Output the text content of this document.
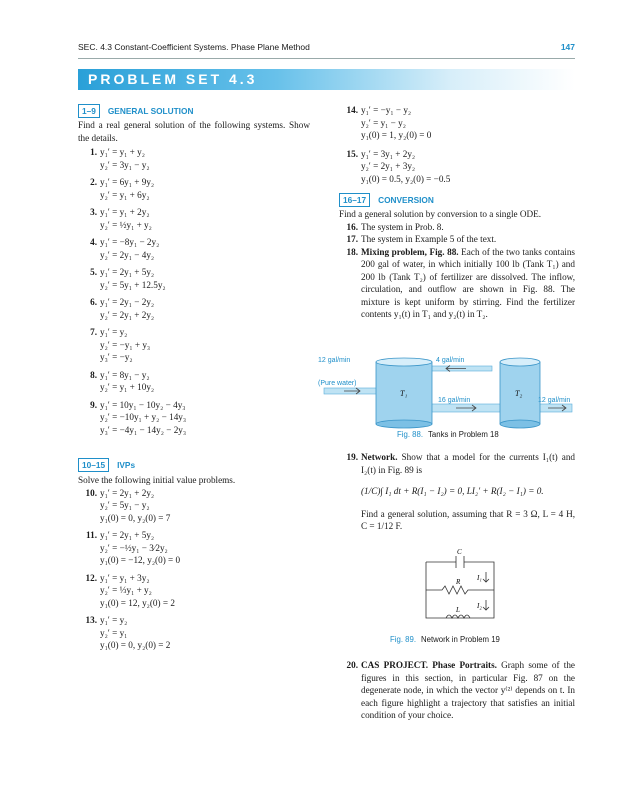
SEC. 4.3 Constant-Coefficient Systems. Phase Plane Method	147
PROBLEM SET 4.3
1–9 GENERAL SOLUTION
Find a real general solution of the following systems. Show the details.
1. y₁′ = y₁ + y₂
y₂′ = 3y₁ − y₂
2. y₁′ = 6y₁ + 9y₂
y₂′ = y₁ + 6y₂
3. y₁′ = y₁ + 2y₂
y₂′ = ½y₁ + y₂
4. y₁′ = −8y₁ − 2y₂
y₂′ = 2y₁ − 4y₂
5. y₁′ = 2y₁ + 5y₂
y₂′ = 5y₁ + 12.5y₂
6. y₁′ = 2y₁ − 2y₂
y₂′ = 2y₁ + 2y₂
7. y₁′ = y₂
y₂′ = −y₁ + y₃
y₃′ = −y₂
8. y₁′ = 8y₁ − y₂
y₂′ = y₁ + 10y₂
9. y₁′ = 10y₁ − 10y₂ − 4y₃
y₂′ = −10y₁ + y₂ − 14y₃
y₃′ = −4y₁ − 14y₂ − 2y₃
10–15 IVPs
Solve the following initial value problems.
10. y₁′ = 2y₁ + 2y₂
y₂′ = 5y₁ − y₂
y₁(0) = 0, y₂(0) = 7
11. y₁′ = 2y₁ + 5y₂
y₂′ = −½y₁ − 3⁄2y₂
y₁(0) = −12, y₂(0) = 0
12. y₁′ = y₁ + 3y₂
y₂′ = ⅓y₁ + y₂
y₁(0) = 12, y₂(0) = 2
13. y₁′ = y₂
y₂′ = y₁
y₁(0) = 0, y₂(0) = 2
14. y₁′ = −y₁ − y₂
y₂′ = y₁ − y₂
y₁(0) = 1, y₂(0) = 0
15. y₁′ = 3y₁ + 2y₂
y₂′ = 2y₁ + 3y₂
y₁(0) = 0.5, y₂(0) = −0.5
16–17 CONVERSION
Find a general solution by conversion to a single ODE.
16. The system in Prob. 8.
17. The system in Example 5 of the text.
18. Mixing problem, Fig. 88. Each of the two tanks contains 200 gal of water, in which initially 100 lb (Tank T₁) and 200 lb (Tank T₂) of fertilizer are dissolved. The inflow, circulation, and outflow are shown in Fig. 88. The mixture is kept uniform by stirring. Find the fertilizer contents y₁(t) in T₁ and y₂(t) in T₂.
12 gal/min
(Pure water)
4 gal/min
16 gal/min	12 gal/min
T₁	T₂
Fig. 88. Tanks in Problem 18
19. Network. Show that a model for the currents I₁(t) and I₂(t) in Fig. 89 is
(1/C)∫ I₁ dt + R(I₁ − I₂) = 0, LI₂′ + R(I₂ − I₁) = 0.
Find a general solution, assuming that R = 3 Ω, L = 4 H, C = 1/12 F.
C
R
L
I₁
I₂
Fig. 89. Network in Problem 19
20. CAS PROJECT. Phase Portraits. Graph some of the figures in this section, in particular Fig. 87 on the degenerate node, in which the vector y⁽²⁾ depends on t. In each figure highlight a trajectory that satisfies an initial condition of your choice.
